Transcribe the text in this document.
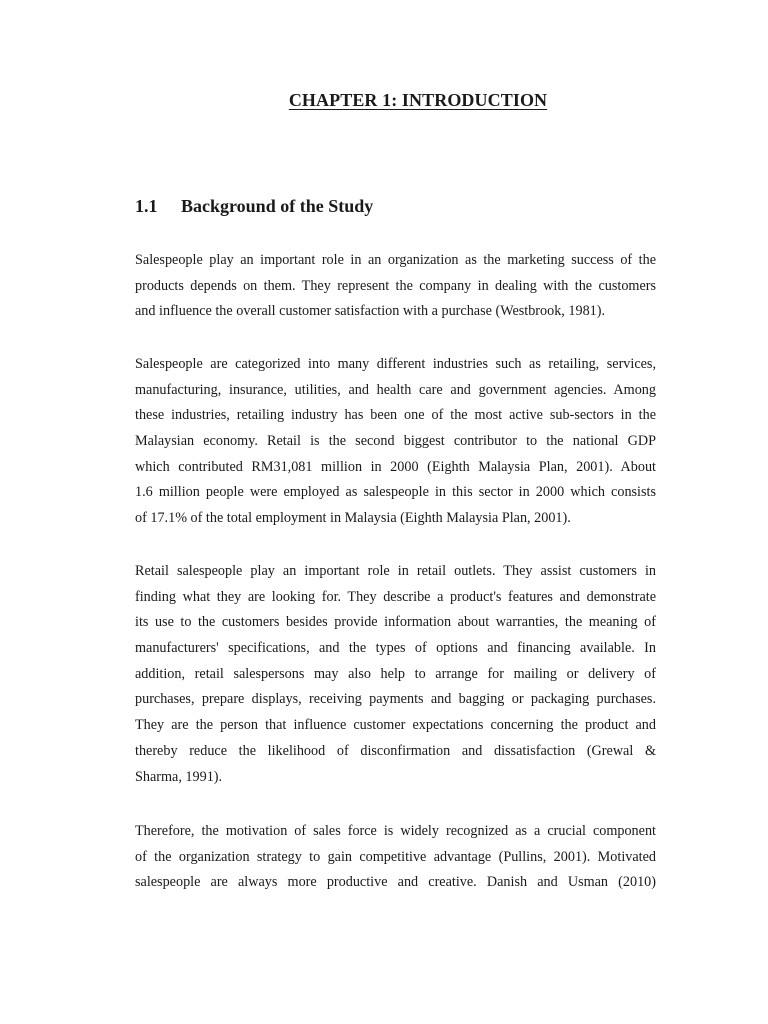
CHAPTER 1: INTRODUCTION
1.1 Background of the Study
Salespeople play an important role in an organization as the marketing success of the
products depends on them. They represent the company in dealing with the customers
and influence the overall customer satisfaction with a purchase (Westbrook, 1981).
Salespeople are categorized into many different industries such as retailing, services,
manufacturing, insurance, utilities, and health care and government agencies. Among
these industries, retailing industry has been one of the most active sub-sectors in the
Malaysian economy. Retail is the second biggest contributor to the national GDP
which contributed RM31,081 million in 2000 (Eighth Malaysia Plan, 2001). About
1.6 million people were employed as salespeople in this sector in 2000 which consists
of 17.1% of the total employment in Malaysia (Eighth Malaysia Plan, 2001).
Retail salespeople play an important role in retail outlets. They assist customers in
finding what they are looking for. They describe a product's features and demonstrate
its use to the customers besides provide information about warranties, the meaning of
manufacturers' specifications, and the types of options and financing available. In
addition, retail salespersons may also help to arrange for mailing or delivery of
purchases, prepare displays, receiving payments and bagging or packaging purchases.
They are the person that influence customer expectations concerning the product and
thereby reduce the likelihood of disconfirmation and dissatisfaction (Grewal &
Sharma, 1991).
Therefore, the motivation of sales force is widely recognized as a crucial component
of the organization strategy to gain competitive advantage (Pullins, 2001). Motivated
salespeople are always more productive and creative. Danish and Usman (2010)
